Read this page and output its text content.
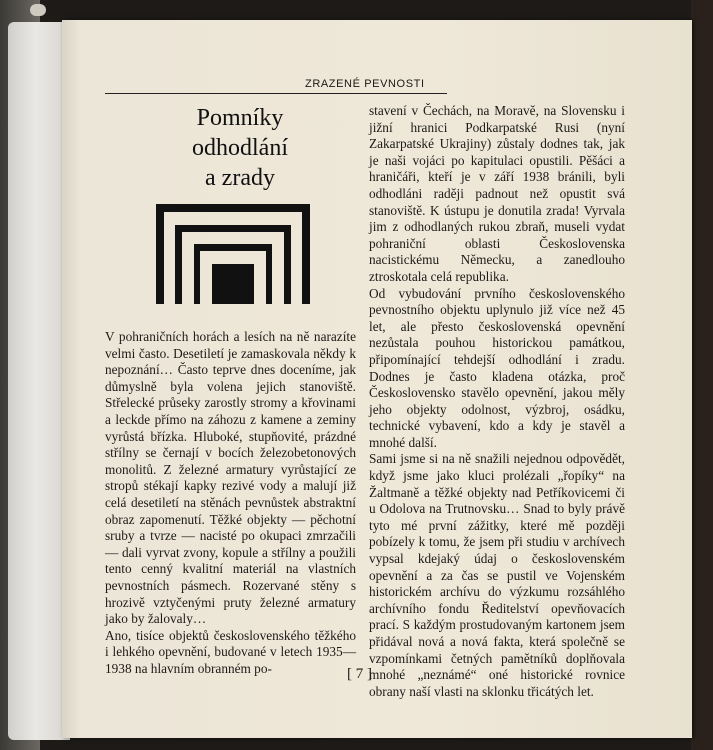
ZRAZENÉ PEVNOSTI
Pomníky
odhodlání
a zrady

V pohraničních horách a lesích na ně narazíte velmi často. Desetiletí je zamaskovala někdy k nepoznání… Často teprve dnes doceníme, jak důmyslně byla volena jejich stanoviště. Střelecké průseky zarostly stromy a křovinami a leckde přímo na záhozu z kamene a zeminy vyrůstá břízka. Hluboké, stupňovité, prázdné střílny se černají v bocích železobetonových monolitů. Z železné armatury vyrůstající ze stropů stékají kapky rezivé vody a malují již celá desetiletí na stěnách pevnůstek abstraktní obraz zapomenutí. Těžké objekty — pěchotní sruby a tvrze — nacisté po okupaci zmrzačili — dali vyrvat zvony, kopule a střílny a použili tento cenný kvalitní materiál na vlastních pevnostních pásmech. Rozervané stěny s hrozivě vztyčenými pruty železné armatury jako by žalovaly…

Ano, tisíce objektů československého těžkého i lehkého opevnění, budované v letech 1935—1938 na hlavním obranném po-

stavení v Čechách, na Moravě, na Slovensku i jižní hranici Podkarpatské Rusi (nyní Zakarpatské Ukrajiny) zůstaly dodnes tak, jak je naši vojáci po kapitulaci opustili. Pěšáci a hraničáři, kteří je v září 1938 bránili, byli odhodláni raději padnout než opustit svá stanoviště. K ústupu je donutila zrada! Vyrvala jim z odhodlaných rukou zbraň, museli vydat pohraniční oblasti Československa nacistickému Německu, a zanedlouho ztroskotala celá republika.

Od vybudování prvního československého pevnostního objektu uplynulo již více než 45 let, ale přesto československá opevnění nezůstala pouhou historickou památkou, připomínající tehdejší odhodlání i zradu. Dodnes je často kladena otázka, proč Československo stavělo opevnění, jakou měly jeho objekty odolnost, výzbroj, osádku, technické vybavení, kdo a kdy je stavěl a mnohé další.

Sami jsme si na ně snažili nejednou odpovědět, když jsme jako kluci prolézali „řopíky“ na Žaltmaně a těžké objekty nad Petříkovicemi či u Odolova na Trutnovsku… Snad to byly právě tyto mé první zážitky, které mě později pobízely k tomu, že jsem při studiu v archívech vypsal kdejaký údaj o československém opevnění a za čas se pustil ve Vojenském historickém archívu do výzkumu rozsáhlého archívního fondu Ředitelství opevňovacích prací. S každým prostudovaným kartonem jsem přidával nová a nová fakta, která společně se vzpomínkami četných pamětníků doplňovala mnohé „neznámé“ oné historické rovnice obrany naší vlasti na sklonku třicátých let.

[ 7 ]
